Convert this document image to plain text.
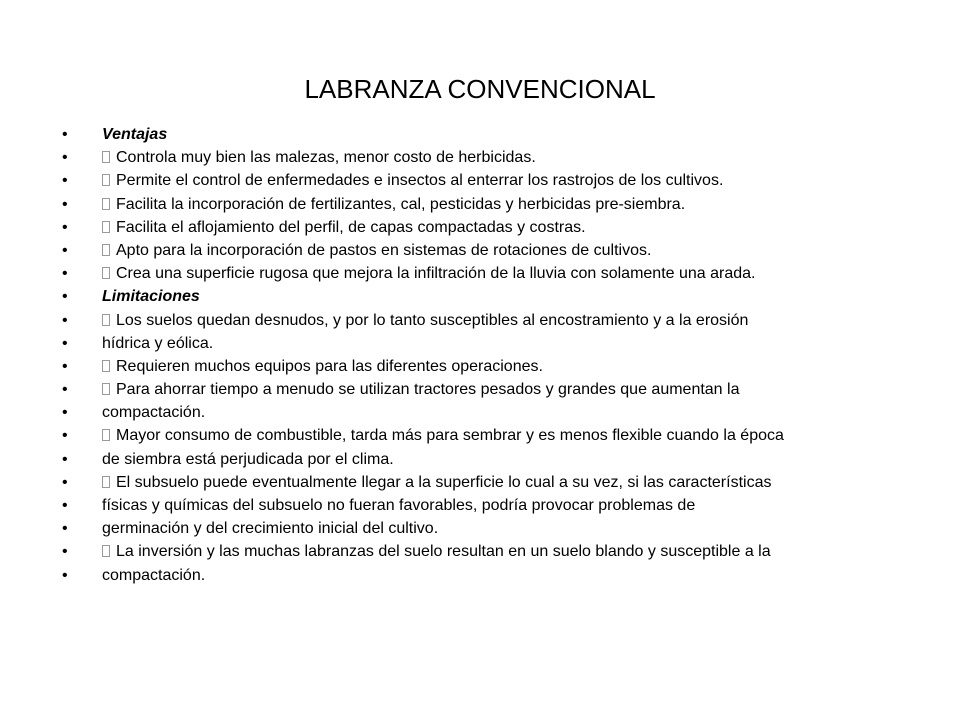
LABRANZA CONVENCIONAL
•	Ventajas
•	Controla muy bien las malezas, menor costo de herbicidas.
•	Permite el control de enfermedades e insectos al enterrar los rastrojos de los cultivos.
•	Facilita la incorporación de fertilizantes, cal, pesticidas y herbicidas pre-siembra.
•	Facilita el aflojamiento del perfil, de capas compactadas y costras.
•	Apto para la incorporación de pastos en sistemas de rotaciones de cultivos.
•	Crea una superficie rugosa que mejora la infiltración de la lluvia con solamente una arada.
•	Limitaciones
•	Los suelos quedan desnudos, y por lo tanto susceptibles al encostramiento y a la erosión
•	hídrica y eólica.
•	Requieren muchos equipos para las diferentes operaciones.
•	Para ahorrar tiempo a menudo se utilizan tractores pesados y grandes que aumentan la
•	compactación.
•	Mayor consumo de combustible, tarda más para sembrar y es menos flexible cuando la época
•	de siembra está perjudicada por el clima.
•	El subsuelo puede eventualmente llegar a la superficie lo cual a su vez, si las características
•	físicas y químicas del subsuelo no fueran favorables, podría provocar problemas de
•	germinación y del crecimiento inicial del cultivo.
•	La inversión y las muchas labranzas del suelo resultan en un suelo blando y susceptible a la
•	compactación.
